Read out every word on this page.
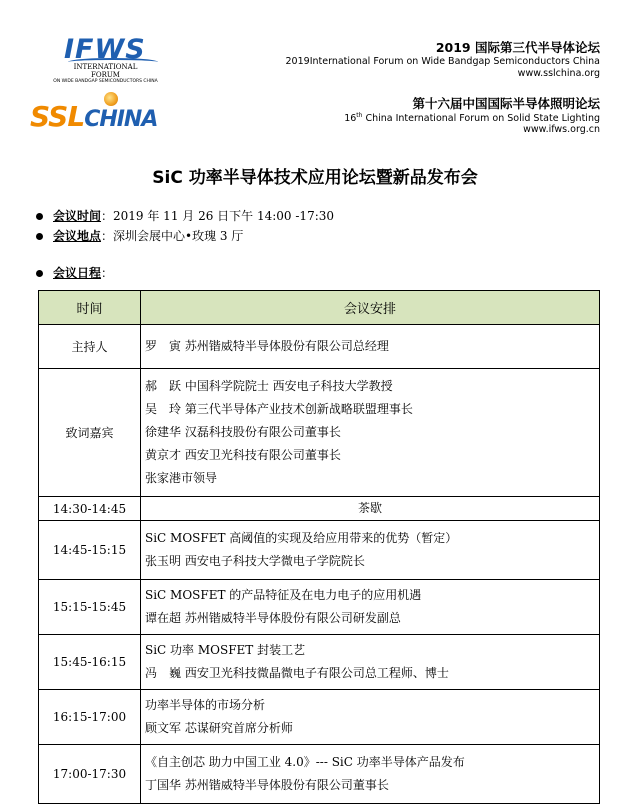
IFWS
INTERNATIONAL
FORUM
ON WIDE BANDGAP SEMICONDUCTORS CHINA
SSLCHINA
2019 国际第三代半导体论坛
2019International Forum on Wide Bandgap Semiconductors China
www.sslchina.org
第十六届中国国际半导体照明论坛
16th China International Forum on Solid State Lighting
www.ifws.org.cn
SiC 功率半导体技术应用论坛暨新品发布会
会议时间：2019 年 11 月 26 日下午 14:00 -17:30
会议地点：深圳会展中心•玫瑰 3 厅
会议日程：
时间	会议安排
主持人	罗　寅 苏州锴威特半导体股份有限公司总经理

致词嘉宾	郝　跃 中国科学院院士 西安电子科技大学教授
吴　玲 第三代半导体产业技术创新战略联盟理事长
徐建华 汉磊科技股份有限公司董事长
黄京才 西安卫光科技有限公司董事长
张家港市领导

14:30-14:45	茶歇

14:45-15:15	SiC MOSFET 高阈值的实现及给应用带来的优势（暂定）
张玉明 西安电子科技大学微电子学院院长

15:15-15:45	SiC MOSFET 的产品特征及在电力电子的应用机遇
谭在超 苏州锴威特半导体股份有限公司研发副总

15:45-16:15	SiC 功率 MOSFET 封装工艺
冯　巍 西安卫光科技微晶微电子有限公司总工程师、博士

16:15-17:00	功率半导体的市场分析
顾文军 芯谋研究首席分析师

17:00-17:30	《自主创芯 助力中国工业 4.0》--- SiC 功率半导体产品发布
丁国华 苏州锴威特半导体股份有限公司董事长
